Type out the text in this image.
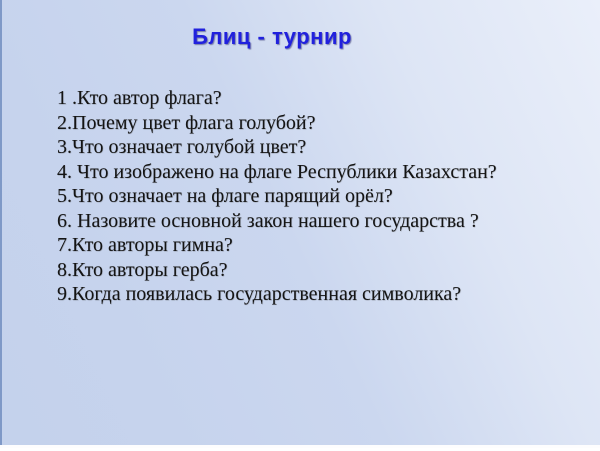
Блиц - турнир
1 .Кто автор флага?
2.Почему цвет флага голубой?
3.Что означает голубой цвет?
4. Что изображено на флаге Республики Казахстан?
5.Что означает на флаге парящий орёл?
6. Назовите основной закон нашего государства ?
7.Кто авторы гимна?
8.Кто авторы герба?
9.Когда появилась государственная символика?
